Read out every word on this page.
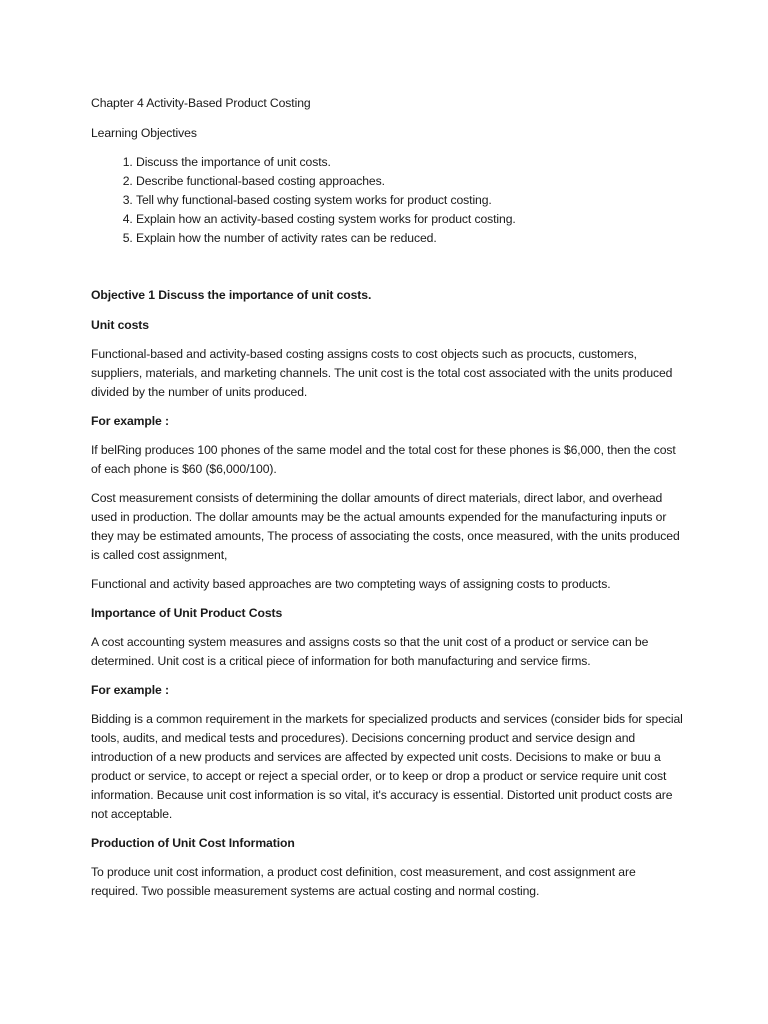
Chapter 4 Activity-Based Product Costing

Learning Objectives

1. Discuss the importance of unit costs.
2. Describe functional-based costing approaches.
3. Tell why functional-based costing system works for product costing.
4. Explain how an activity-based costing system works for product costing.
5. Explain how the number of activity rates can be reduced.

Objective 1 Discuss the importance of unit costs.

Unit costs

Functional-based and activity-based costing assigns costs to cost objects such as procucts, customers, suppliers, materials, and marketing channels. The unit cost is the total cost associated with the units produced divided by the number of units produced.

For example :

If belRing produces 100 phones of the same model and the total cost for these phones is $6,000, then the cost of each phone is $60 ($6,000/100).

Cost measurement consists of determining the dollar amounts of direct materials, direct labor, and overhead used in production. The dollar amounts may be the actual amounts expended for the manufacturing inputs or they may be estimated amounts, The process of associating the costs, once measured, with the units produced is called cost assignment,

Functional and activity based approaches are two compteting ways of assigning costs to products.

Importance of Unit Product Costs

A cost accounting system measures and assigns costs so that the unit cost of a product or service can be determined. Unit cost is a critical piece of information for both manufacturing and service firms.

For example :

Bidding is a common requirement in the markets for specialized products and services (consider bids for special tools, audits, and medical tests and procedures). Decisions concerning product and service design and introduction of a new products and services are affected by expected unit costs. Decisions to make or buu a product or service, to accept or reject a special order, or to keep or drop a product or service require unit cost information. Because unit cost information is so vital, it's accuracy is essential. Distorted unit product costs are not acceptable.

Production of Unit Cost Information

To produce unit cost information, a product cost definition, cost measurement, and cost assignment are required. Two possible measurement systems are actual costing and normal costing.
